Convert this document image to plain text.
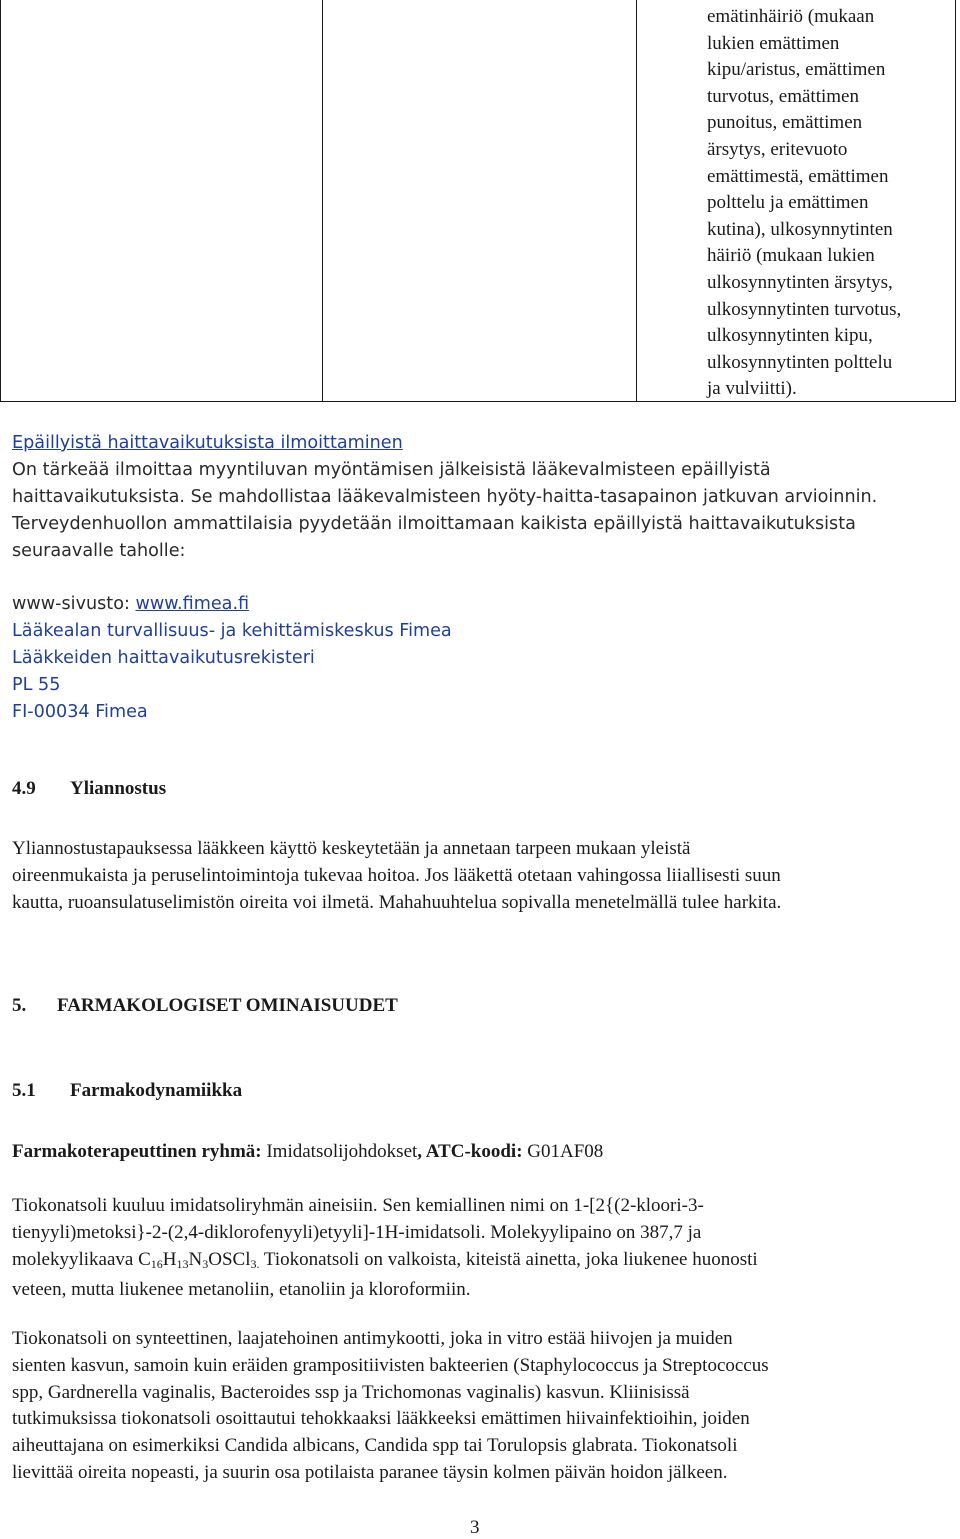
emätinhäiriö (mukaan
lukien emättimen
kipu/aristus, emättimen
turvotus, emättimen
punoitus, emättimen
ärsytys, eritevuoto
emättimestä, emättimen
polttelu ja emättimen
kutina), ulkosynnytinten
häiriö (mukaan lukien
ulkosynnytinten ärsytys,
ulkosynnytinten turvotus,
ulkosynnytinten kipu,
ulkosynnytinten polttelu
ja vulviitti).
Epäillyistä haittavaikutuksista ilmoittaminen
On tärkeää ilmoittaa myyntiluvan myöntämisen jälkeisistä lääkevalmisteen epäillyistä
haittavaikutuksista. Se mahdollistaa lääkevalmisteen hyöty-haitta-tasapainon jatkuvan arvioinnin.
Terveydenhuollon ammattilaisia pyydetään ilmoittamaan kaikista epäillyistä haittavaikutuksista
seuraavalle taholle:
www-sivusto: www.fimea.fi
Lääkealan turvallisuus- ja kehittämiskeskus Fimea
Lääkkeiden haittavaikutusrekisteri
PL 55
FI-00034 Fimea
4.9 Yliannostus
Yliannostustapauksessa lääkkeen käyttö keskeytetään ja annetaan tarpeen mukaan yleistä
oireenmukaista ja peruselintoimintoja tukevaa hoitoa. Jos lääkettä otetaan vahingossa liiallisesti suun
kautta, ruoansulatuselimistön oireita voi ilmetä. Mahahuuhtelua sopivalla menetelmällä tulee harkita.
5. FARMAKOLOGISET OMINAISUUDET
5.1 Farmakodynamiikka
Farmakoterapeuttinen ryhmä: Imidatsolijohdokset, ATC-koodi: G01AF08
Tiokonatsoli kuuluu imidatsoliryhmän aineisiin. Sen kemiallinen nimi on 1-[2{(2-kloori-3-
tienyyli)metoksi}-2-(2,4-diklorofenyyli)etyyli]-1H-imidatsoli. Molekyylipaino on 387,7 ja
molekyylikaava $C_{16}H_{13}N_3OSCl_{3.}$ Tiokonatsoli on valkoista, kiteistä ainetta, joka liukenee huonosti
veteen, mutta liukenee metanoliin, etanoliin ja kloroformiin.
Tiokonatsoli on synteettinen, laajatehoinen antimykootti, joka in vitro estää hiivojen ja muiden
sienten kasvun, samoin kuin eräiden grampositiivisten bakteerien (Staphylococcus ja Streptococcus
spp, Gardnerella vaginalis, Bacteroides ssp ja Trichomonas vaginalis) kasvun. Kliinisissä
tutkimuksissa tiokonatsoli osoittautui tehokkaaksi lääkkeeksi emättimen hiivainfektioihin, joiden
aiheuttajana on esimerkiksi Candida albicans, Candida spp tai Torulopsis glabrata. Tiokonatsoli
lievittää oireita nopeasti, ja suurin osa potilaista paranee täysin kolmen päivän hoidon jälkeen.
3
